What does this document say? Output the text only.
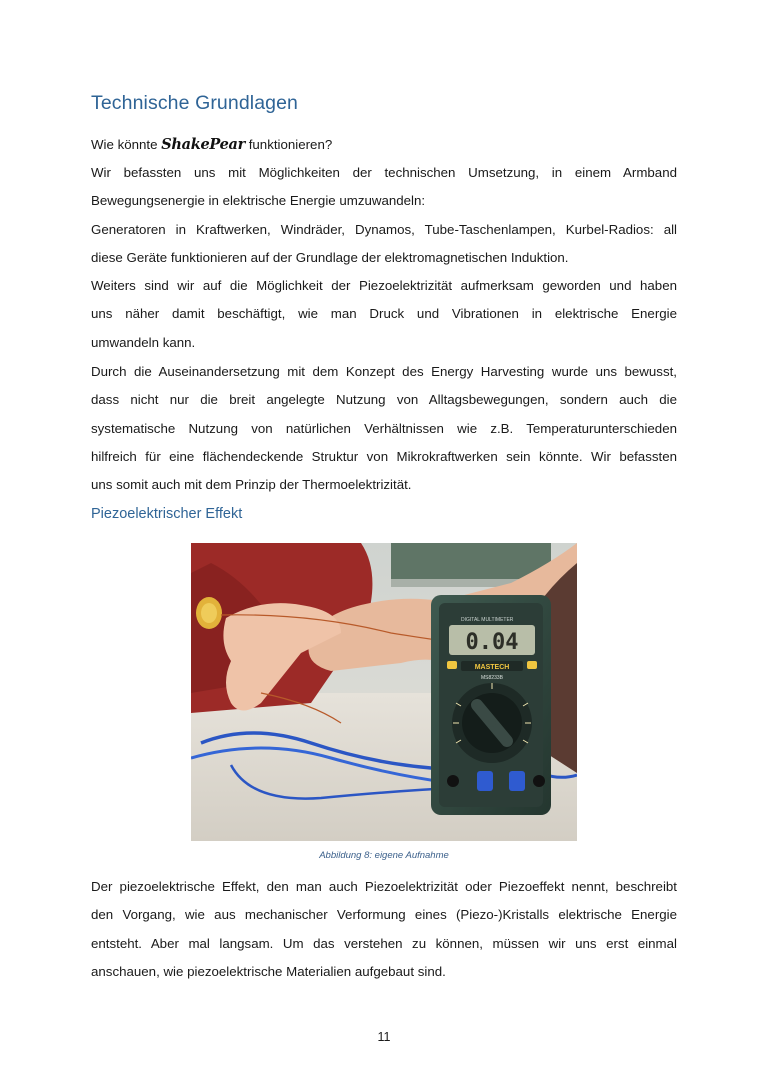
Technische Grundlagen
Wie könnte ShakePear funktionieren?
Wir befassten uns mit Möglichkeiten der technischen Umsetzung, in einem Armband
Bewegungsenergie in elektrische Energie umzuwandeln:
Generatoren in Kraftwerken, Windräder, Dynamos, Tube-Taschenlampen, Kurbel-Radios: all
diese Geräte funktionieren auf der Grundlage der elektromagnetischen Induktion.
Weiters sind wir auf die Möglichkeit der Piezoelektrizität aufmerksam geworden und haben
uns näher damit beschäftigt, wie man Druck und Vibrationen in elektrische Energie
umwandeln kann.
Durch die Auseinandersetzung mit dem Konzept des Energy Harvesting wurde uns bewusst,
dass nicht nur die breit angelegte Nutzung von Alltagsbewegungen, sondern auch die
systematische Nutzung von natürlichen Verhältnissen wie z.B. Temperaturunterschieden
hilfreich für eine flächendeckende Struktur von Mikrokraftwerken sein könnte. Wir befassten
uns somit auch mit dem Prinzip der Thermoelektrizität.
Piezoelektrischer Effekt
DIGITAL MULTIMETER
0.04
MASTECH
MS8233B
Abbildung 8: eigene Aufnahme
Der piezoelektrische Effekt, den man auch Piezoelektrizität oder Piezoeffekt nennt, beschreibt
den Vorgang, wie aus mechanischer Verformung eines (Piezo-)Kristalls elektrische Energie
entsteht. Aber mal langsam. Um das verstehen zu können, müssen wir uns erst einmal
anschauen, wie piezoelektrische Materialien aufgebaut sind.
11
